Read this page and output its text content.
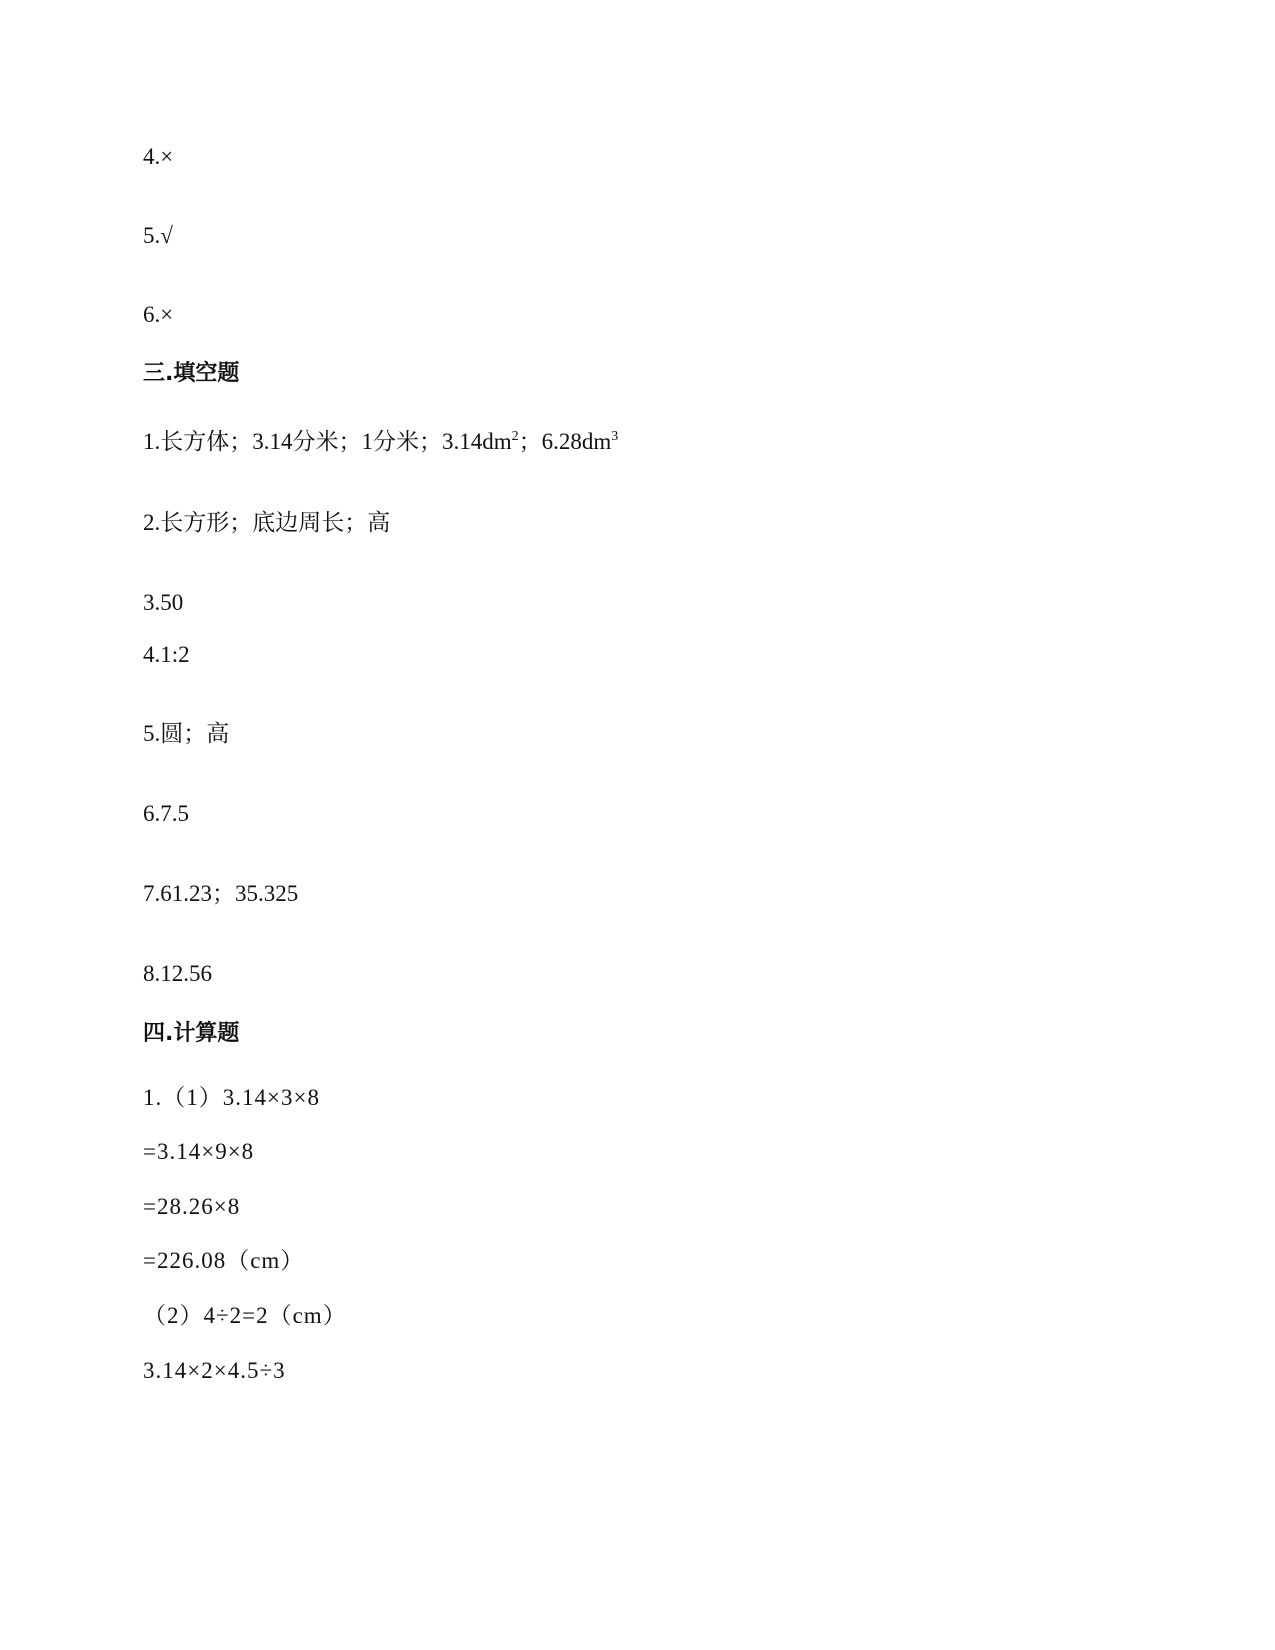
4.×
5.√
6.×
三.填空题
1.长方体；3.14分米；1分米；$3.14dm^2$；$6.28dm^3$
2.长方形；底边周长；高
3.50
4.1:2
5.圆；高
6.7.5
7.61.23；35.325
8.12.56
四.计算题
1.（1）3.14×3×8
=3.14×9×8
=28.26×8
=226.08（cm）
（2）4÷2=2（cm）
3.14×2×4.5÷3
